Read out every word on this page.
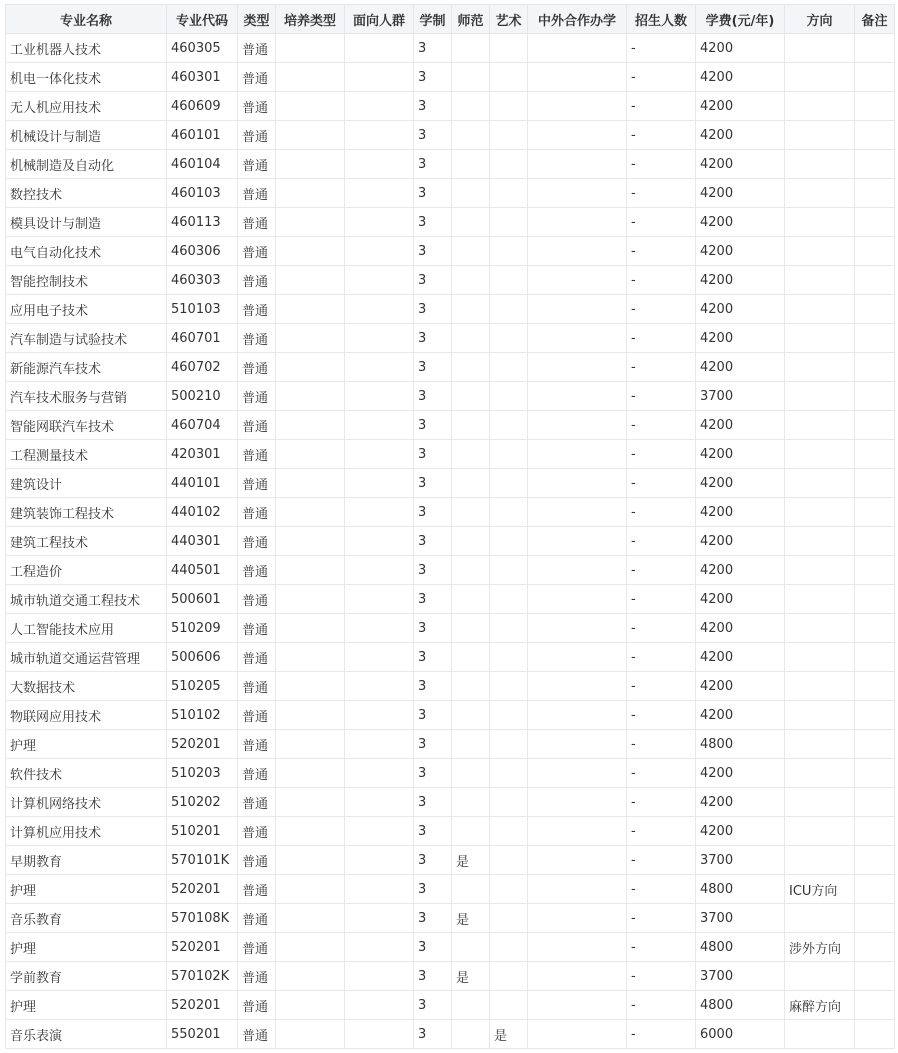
专业名称	专业代码	类型	培养类型	面向人群	学制	师范	艺术	中外合作办学	招生人数	学费(元/年)	方向	备注
工业机器人技术	460305	普通			3				-	4200		
机电一体化技术	460301	普通			3				-	4200		
无人机应用技术	460609	普通			3				-	4200		
机械设计与制造	460101	普通			3				-	4200		
机械制造及自动化	460104	普通			3				-	4200		
数控技术	460103	普通			3				-	4200		
模具设计与制造	460113	普通			3				-	4200		
电气自动化技术	460306	普通			3				-	4200		
智能控制技术	460303	普通			3				-	4200		
应用电子技术	510103	普通			3				-	4200		
汽车制造与试验技术	460701	普通			3				-	4200		
新能源汽车技术	460702	普通			3				-	4200		
汽车技术服务与营销	500210	普通			3				-	3700		
智能网联汽车技术	460704	普通			3				-	4200		
工程测量技术	420301	普通			3				-	4200		
建筑设计	440101	普通			3				-	4200		
建筑装饰工程技术	440102	普通			3				-	4200		
建筑工程技术	440301	普通			3				-	4200		
工程造价	440501	普通			3				-	4200		
城市轨道交通工程技术	500601	普通			3				-	4200		
人工智能技术应用	510209	普通			3				-	4200		
城市轨道交通运营管理	500606	普通			3				-	4200		
大数据技术	510205	普通			3				-	4200		
物联网应用技术	510102	普通			3				-	4200		
护理	520201	普通			3				-	4800		
软件技术	510203	普通			3				-	4200		
计算机网络技术	510202	普通			3				-	4200		
计算机应用技术	510201	普通			3				-	4200		
早期教育	570101K	普通			3	是			-	3700		
护理	520201	普通			3				-	4800	ICU方向	
音乐教育	570108K	普通			3	是			-	3700		
护理	520201	普通			3				-	4800	涉外方向	
学前教育	570102K	普通			3	是			-	3700		
护理	520201	普通			3				-	4800	麻醉方向	
音乐表演	550201	普通			3		是		-	6000		
